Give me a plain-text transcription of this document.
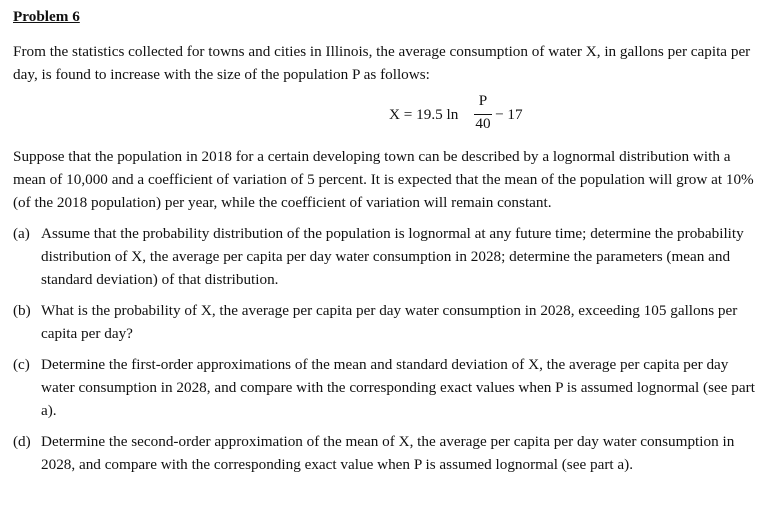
Problem 6

From the statistics collected for towns and cities in Illinois, the average consumption of water X, in gallons per capita per day, is found to increase with the size of the population P as follows:

X = 19.5 ln
P
40
− 17

Suppose that the population in 2018 for a certain developing town can be described by a lognormal distribution with a mean of 10,000 and a coefficient of variation of 5 percent. It is expected that the mean of the population will grow at 10% (of the 2018 population) per year, while the coefficient of variation will remain constant.

(a) Assume that the probability distribution of the population is lognormal at any future time; determine the probability distribution of X, the average per capita per day water consumption in 2028; determine the parameters (mean and standard deviation) of that distribution.
(b) What is the probability of X, the average per capita per day water consumption in 2028, exceeding 105 gallons per capita per day?
(c) Determine the first-order approximations of the mean and standard deviation of X, the average per capita per day water consumption in 2028, and compare with the corresponding exact values when P is assumed lognormal (see part a).
(d) Determine the second-order approximation of the mean of X, the average per capita per day water consumption in 2028, and compare with the corresponding exact value when P is assumed lognormal (see part a).
